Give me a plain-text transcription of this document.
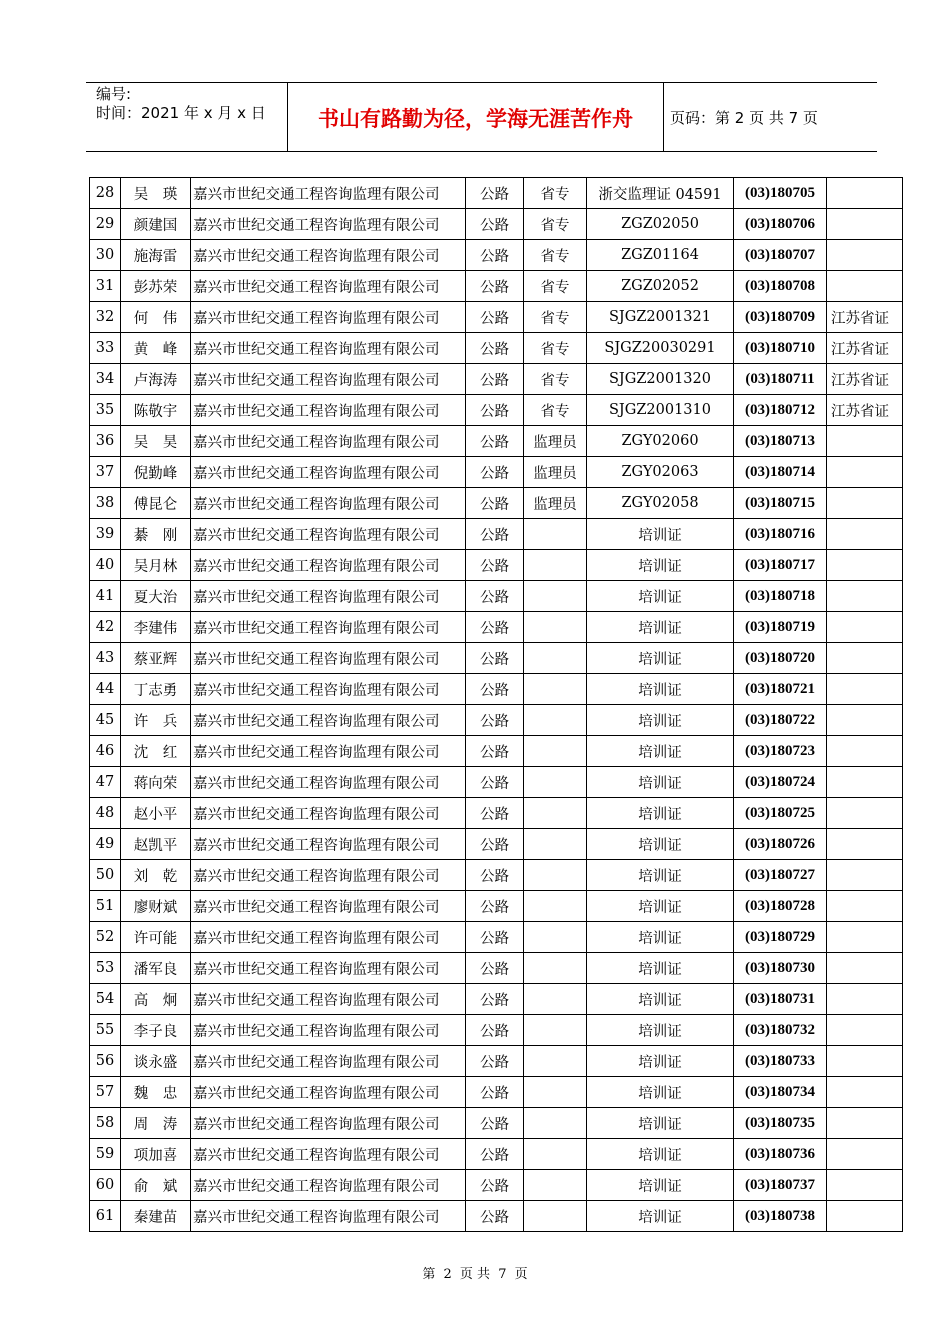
编号:
时间：2021 年 x 月 x 日	书山有路勤为径，学海无涯苦作舟	页码：第 2 页 共 7 页
28	吴　瑛	嘉兴市世纪交通工程咨询监理有限公司	公路	省专	浙交监理证 04591	(03)180705	
29	颜建国	嘉兴市世纪交通工程咨询监理有限公司	公路	省专	ZGZ02050	(03)180706	
30	施海雷	嘉兴市世纪交通工程咨询监理有限公司	公路	省专	ZGZ01164	(03)180707	
31	彭苏荣	嘉兴市世纪交通工程咨询监理有限公司	公路	省专	ZGZ02052	(03)180708	
32	何　伟	嘉兴市世纪交通工程咨询监理有限公司	公路	省专	SJGZ2001321	(03)180709	江苏省证
33	黄　峰	嘉兴市世纪交通工程咨询监理有限公司	公路	省专	SJGZ20030291	(03)180710	江苏省证
34	卢海涛	嘉兴市世纪交通工程咨询监理有限公司	公路	省专	SJGZ2001320	(03)180711	江苏省证
35	陈敬宇	嘉兴市世纪交通工程咨询监理有限公司	公路	省专	SJGZ2001310	(03)180712	江苏省证
36	吴　昊	嘉兴市世纪交通工程咨询监理有限公司	公路	监理员	ZGY02060	(03)180713	
37	倪勤峰	嘉兴市世纪交通工程咨询监理有限公司	公路	监理员	ZGY02063	(03)180714	
38	傅昆仑	嘉兴市世纪交通工程咨询监理有限公司	公路	监理员	ZGY02058	(03)180715	
39	綦　刚	嘉兴市世纪交通工程咨询监理有限公司	公路		培训证	(03)180716	
40	吴月林	嘉兴市世纪交通工程咨询监理有限公司	公路		培训证	(03)180717	
41	夏大治	嘉兴市世纪交通工程咨询监理有限公司	公路		培训证	(03)180718	
42	李建伟	嘉兴市世纪交通工程咨询监理有限公司	公路		培训证	(03)180719	
43	蔡亚辉	嘉兴市世纪交通工程咨询监理有限公司	公路		培训证	(03)180720	
44	丁志勇	嘉兴市世纪交通工程咨询监理有限公司	公路		培训证	(03)180721	
45	许　兵	嘉兴市世纪交通工程咨询监理有限公司	公路		培训证	(03)180722	
46	沈　红	嘉兴市世纪交通工程咨询监理有限公司	公路		培训证	(03)180723	
47	蒋向荣	嘉兴市世纪交通工程咨询监理有限公司	公路		培训证	(03)180724	
48	赵小平	嘉兴市世纪交通工程咨询监理有限公司	公路		培训证	(03)180725	
49	赵凯平	嘉兴市世纪交通工程咨询监理有限公司	公路		培训证	(03)180726	
50	刘　乾	嘉兴市世纪交通工程咨询监理有限公司	公路		培训证	(03)180727	
51	廖财斌	嘉兴市世纪交通工程咨询监理有限公司	公路		培训证	(03)180728	
52	许可能	嘉兴市世纪交通工程咨询监理有限公司	公路		培训证	(03)180729	
53	潘军良	嘉兴市世纪交通工程咨询监理有限公司	公路		培训证	(03)180730	
54	高　炯	嘉兴市世纪交通工程咨询监理有限公司	公路		培训证	(03)180731	
55	李子良	嘉兴市世纪交通工程咨询监理有限公司	公路		培训证	(03)180732	
56	谈永盛	嘉兴市世纪交通工程咨询监理有限公司	公路		培训证	(03)180733	
57	魏　忠	嘉兴市世纪交通工程咨询监理有限公司	公路		培训证	(03)180734	
58	周　涛	嘉兴市世纪交通工程咨询监理有限公司	公路		培训证	(03)180735	
59	项加喜	嘉兴市世纪交通工程咨询监理有限公司	公路		培训证	(03)180736	
60	俞　斌	嘉兴市世纪交通工程咨询监理有限公司	公路		培训证	(03)180737	
61	秦建苗	嘉兴市世纪交通工程咨询监理有限公司	公路		培训证	(03)180738	
第 2 页 共 7 页
